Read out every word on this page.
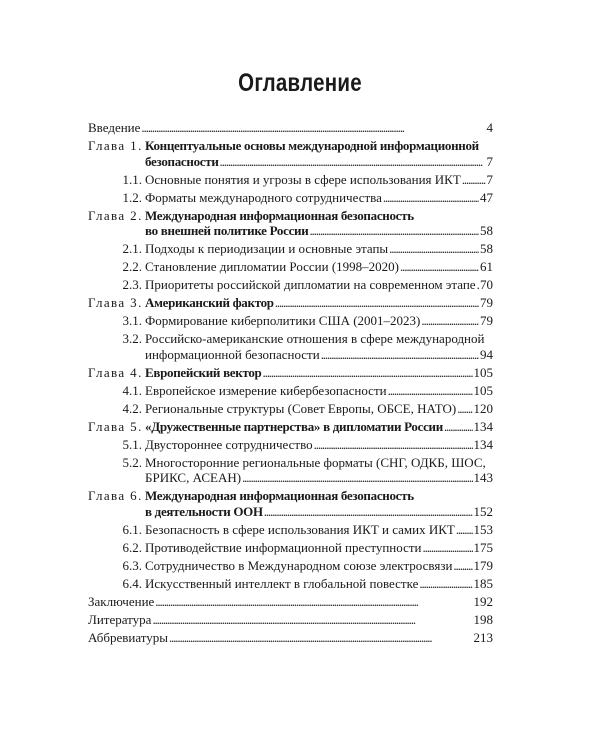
Оглавление
Введение . . .	4
Глава 1. Концептуальные основы международной информационной
безопасности . . .	7
1.1. Основные понятия и угрозы в сфере использования ИКТ . . . 7
1.2. Форматы международного сотрудничества . . .	47
Глава 2. Международная информационная безопасность
во внешней политике России . . .	58
2.1. Подходы к периодизации и основные этапы . . .	58
2.2. Становление дипломатии России (1998–2020) . . .	61
2.3. Приоритеты российской дипломатии на современном этапе . . . 70
Глава 3. Американский фактор . . .	79
3.1. Формирование киберполитики США (2001–2023) . . .	79
3.2. Российско-американские отношения в сфере международной
информационной безопасности . . .	94
Глава 4. Европейский вектор . . .	105
4.1. Европейское измерение кибербезопасности . . .	105
4.2. Региональные структуры (Совет Европы, ОБСЕ, НАТО) . . . 120
Глава 5. «Дружественные партнерства» в дипломатии России . . . 134
5.1. Двустороннее сотрудничество . . .	134
5.2. Многосторонние региональные форматы (СНГ, ОДКБ, ШОС,
БРИКС, АСЕАН) . . .	143
Глава 6. Международная информационная безопасность
в деятельности ООН . . .	152
6.1. Безопасность в сфере использования ИКТ и самих ИКТ . . . 153
6.2. Противодействие информационной преступности . . .	175
6.3. Сотрудничество в Международном союзе электросвязи . . . 179
6.4. Искусственный интеллект в глобальной повестке . . .	185
Заключение . . .	192
Литература . . .	198
Аббревиатуры . . .	213
